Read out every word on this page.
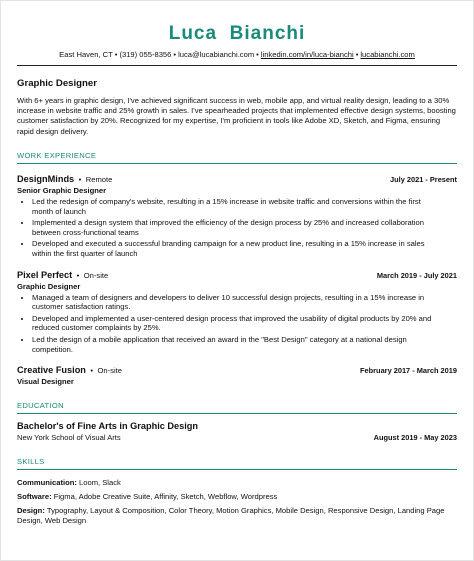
Luca Bianchi
East Haven, CT • (319) 055-8356 • luca@lucabianchi.com • linkedin.com/in/luca-bianchi • lucabianchi.com
Graphic Designer
With 6+ years in graphic design, I've achieved significant success in web, mobile app, and virtual reality design, leading to a 30% increase in website traffic and 25% growth in sales. I've spearheaded projects that implemented effective design systems, boosting customer satisfaction by 20%. Recognized for my expertise, I'm proficient in tools like Adobe XD, Sketch, and Figma, ensuring rapid design delivery.
WORK EXPERIENCE
DesignMinds • Remote	July 2021 - Present
Senior Graphic Designer
• Led the redesign of company's website, resulting in a 15% increase in website traffic and conversions within the first month of launch
• Implemented a design system that improved the efficiency of the design process by 25% and increased collaboration between cross-functional teams
• Developed and executed a successful branding campaign for a new product line, resulting in a 15% increase in sales within the first quarter of launch
Pixel Perfect • On-site	March 2019 - July 2021
Graphic Designer
• Managed a team of designers and developers to deliver 10 successful design projects, resulting in a 15% increase in customer satisfaction ratings.
• Developed and implemented a user-centered design process that improved the usability of digital products by 20% and reduced customer complaints by 25%.
• Led the design of a mobile application that received an award in the "Best Design" category at a national design competition.
Creative Fusion • On-site	February 2017 - March 2019
Visual Designer
EDUCATION
Bachelor's of Fine Arts in Graphic Design
New York School of Visual Arts	August 2019 - May 2023
SKILLS
Communication: Loom, Slack
Software: Figma, Adobe Creative Suite, Affinity, Sketch, Webflow, Wordpress
Design: Typography, Layout & Composition, Color Theory, Motion Graphics, Mobile Design, Responsive Design, Landing Page Design, Web Design
